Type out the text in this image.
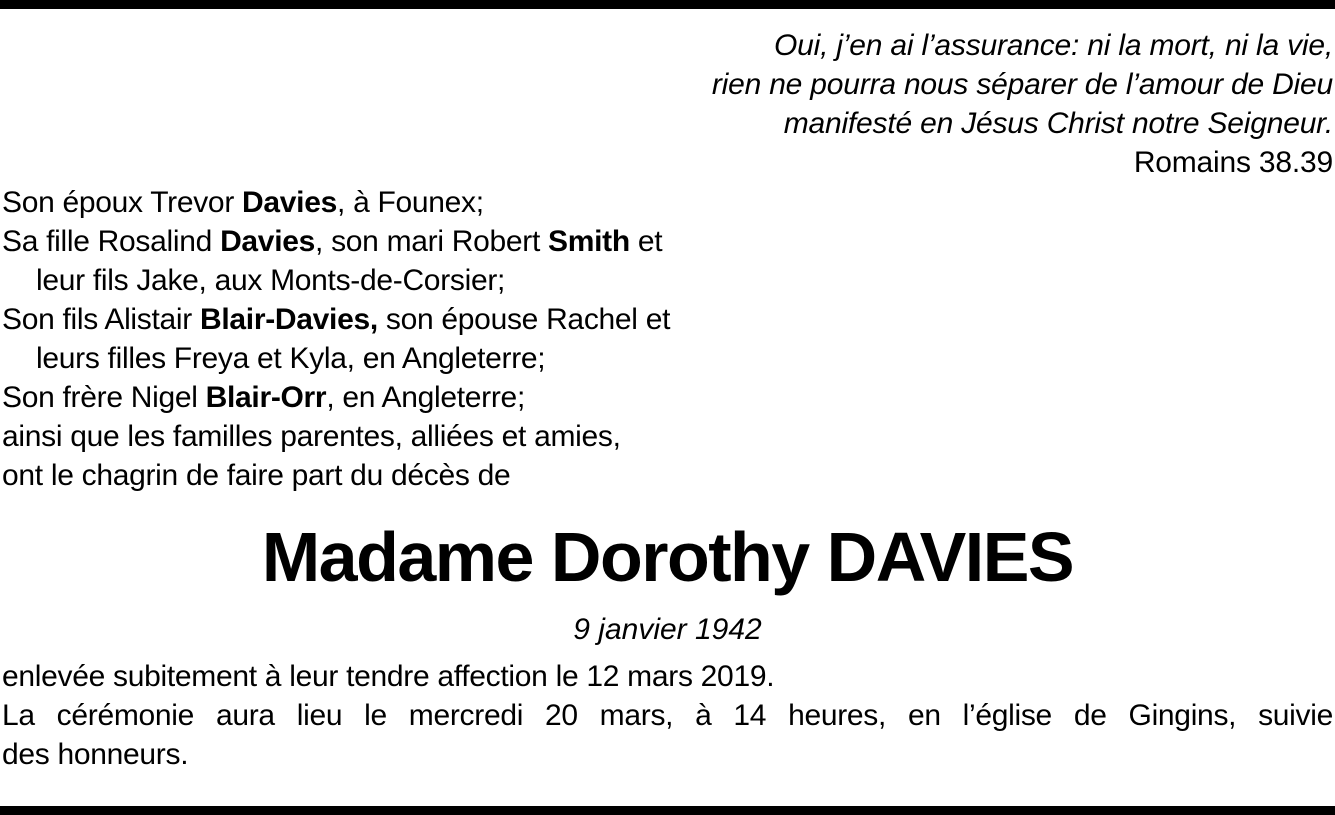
Oui, j’en ai l’assurance: ni la mort, ni la vie,
rien ne pourra nous séparer de l’amour de Dieu
manifesté en Jésus Christ notre Seigneur.
Romains 38.39
Son époux Trevor Davies, à Founex;
Sa fille Rosalind Davies, son mari Robert Smith et
leur fils Jake, aux Monts-de-Corsier;
Son fils Alistair Blair-Davies, son épouse Rachel et
leurs filles Freya et Kyla, en Angleterre;
Son frère Nigel Blair-Orr, en Angleterre;
ainsi que les familles parentes, alliées et amies,
ont le chagrin de faire part du décès de
Madame Dorothy DAVIES
9 janvier 1942
enlevée subitement à leur tendre affection le 12 mars 2019.
La cérémonie aura lieu le mercredi 20 mars, à 14 heures, en l’église de Gingins, suivie
des honneurs.
